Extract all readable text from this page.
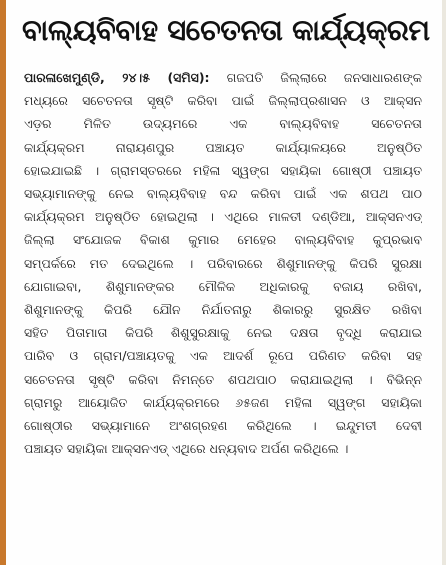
ବାଲ୍ୟବିବାହ ସଚେତନତା କାର୍ଯ୍ୟକ୍ରମ
ପାରଳାଖେମୁଣ୍ଡି, ୨୪।୫ (ସମିସ): ଗଜପତି ଜିଲ୍ଲାରେ ଜନସାଧାରଣଙ୍କ
ମଧ୍ୟରେ ସଚେତନତା ସୃଷ୍ଟି କରିବା ପାଇଁ ଜିଲ୍ଲାପ୍ରଶାସନ ଓ ଆକ୍ସନ
ଏଡ଼ର ମିଳିତ ଉଦ୍ୟମରେ ଏକ ବାଲ୍ୟବିବାହ ସଚେତନତା
କାର୍ଯ୍ୟକ୍ରମ ନାରାୟଣପୁର ପଞ୍ଚାୟତ କାର୍ଯ୍ୟାଳୟରେ ଅନୁଷ୍ଠିତ
ହୋଇଯାଇଛି । ଗ୍ରାମସ୍ତରରେ ମହିଳା ସ୍ୱଙ୍ଗ ସହାୟିକା ଗୋଷ୍ଠୀ ପଞ୍ଚାୟତ
ସଭ୍ୟାମାନଙ୍କୁ ନେଇ ବାଲ୍ୟବିବାହ ବନ୍ଦ କରିବା ପାଇଁ ଏକ ଶପଥ ପାଠ
କାର୍ଯ୍ୟକ୍ରମ ଅନୁଷ୍ଠିତ ହୋଇଥିଲା । ଏଥିରେ ମାଳତୀ ଦଣ୍ଡିଆ, ଆକ୍ସନଏଡ୍
ଜିଲ୍ଲା ସଂଯୋଜକ ବିକାଶ କୁମାର ମେହେର ବାଲ୍ୟବିବାହ କୁପ୍ରଭାବ
ସମ୍ପର୍କରେ ମତ ଦେଇଥିଲେ । ପରିବାରରେ ଶିଶୁମାନଙ୍କୁ କିପରି ସୁରକ୍ଷା
ଯୋଗାଇବା, ଶିଶୁମାନଙ୍କର ମୌଳିକ ଅଧିକାରକୁ ବଜାୟ ରଖିବା,
ଶିଶୁମାନଙ୍କୁ କିପରି ଯୌନ ନିର୍ଯାତନାରୁ ଶିକାରରୁ ସୁରକ୍ଷିତ ରଖିବା
ସହିତ ପିତାମାତା କିପରି ଶିଶୁସୁରକ୍ଷାକୁ ନେଇ ଦକ୍ଷତା ବୃଦ୍ଧି କରାଯାଇ
ପାରିବ ଓ ଗ୍ରାମ/ପଞ୍ଚାୟତକୁ ଏକ ଆଦର୍ଶ ରୂପେ ପରିଣତ କରିବା ସହ
ସଚେତନତା ସୃଷ୍ଟି କରିବା ନିମନ୍ତେ ଶପଥପାଠ କରାଯାଇଥିଲା । ବିଭିନ୍ନ
ଗ୍ରାମରୁ ଆୟୋଜିତ କାର୍ଯ୍ୟକ୍ରମରେ ୬୫ଜଣ ମହିଳା ସ୍ୱଙ୍ଗ ସହାୟିକା
ଗୋଷ୍ଠୀର ସଭ୍ୟାମାନେ ଅଂଶଗ୍ରହଣ କରିଥିଲେ । ଇନ୍ଦୁମତୀ ଦେବୀ
ପଞ୍ଚାୟତ ସହାୟିକା ଆକ୍ସନଏଡ୍ ଏଥିରେ ଧନ୍ୟବାଦ ଅର୍ପଣ କରିଥିଲେ ।
